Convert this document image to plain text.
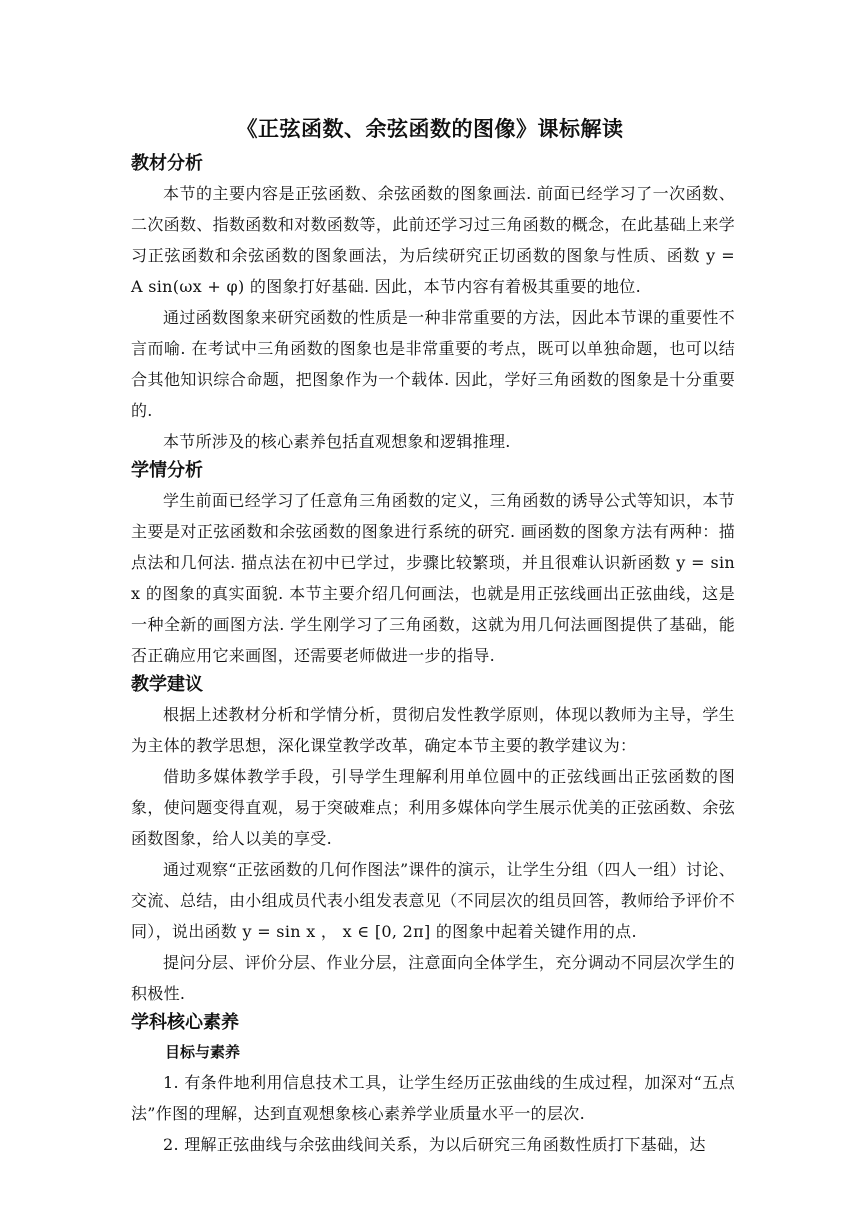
《正弦函数、余弦函数的图像》课标解读
教材分析

本节的主要内容是正弦函数、余弦函数的图象画法. 前面已经学习了一次函数、二次函数、指数函数和对数函数等，此前还学习过三角函数的概念，在此基础上来学习正弦函数和余弦函数的图象画法，为后续研究正切函数的图象与性质、函数 y = A sin(ωx + φ) 的图象打好基础. 因此，本节内容有着极其重要的地位.

通过函数图象来研究函数的性质是一种非常重要的方法，因此本节课的重要性不言而喻. 在考试中三角函数的图象也是非常重要的考点，既可以单独命题，也可以结合其他知识综合命题，把图象作为一个载体. 因此，学好三角函数的图象是十分重要的.

本节所涉及的核心素养包括直观想象和逻辑推理.

学情分析

学生前面已经学习了任意角三角函数的定义，三角函数的诱导公式等知识，本节主要是对正弦函数和余弦函数的图象进行系统的研究. 画函数的图象方法有两种：描点法和几何法. 描点法在初中已学过，步骤比较繁琐，并且很难认识新函数 y = sin x 的图象的真实面貌. 本节主要介绍几何画法，也就是用正弦线画出正弦曲线，这是一种全新的画图方法. 学生刚学习了三角函数，这就为用几何法画图提供了基础，能否正确应用它来画图，还需要老师做进一步的指导.

教学建议

根据上述教材分析和学情分析，贯彻启发性教学原则，体现以教师为主导，学生为主体的教学思想，深化课堂教学改革，确定本节主要的教学建议为：

借助多媒体教学手段，引导学生理解利用单位圆中的正弦线画出正弦函数的图象，使问题变得直观，易于突破难点；利用多媒体向学生展示优美的正弦函数、余弦函数图象，给人以美的享受.

通过观察“正弦函数的几何作图法”课件的演示，让学生分组（四人一组）讨论、交流、总结，由小组成员代表小组发表意见（不同层次的组员回答，教师给予评价不同），说出函数 y = sin x ， x ∈ [0, 2π] 的图象中起着关键作用的点.

提问分层、评价分层、作业分层，注意面向全体学生，充分调动不同层次学生的积极性.

学科核心素养
目标与素养

1. 有条件地利用信息技术工具，让学生经历正弦曲线的生成过程，加深对“五点法”作图的理解，达到直观想象核心素养学业质量水平一的层次.

2. 理解正弦曲线与余弦曲线间关系，为以后研究三角函数性质打下基础，达
